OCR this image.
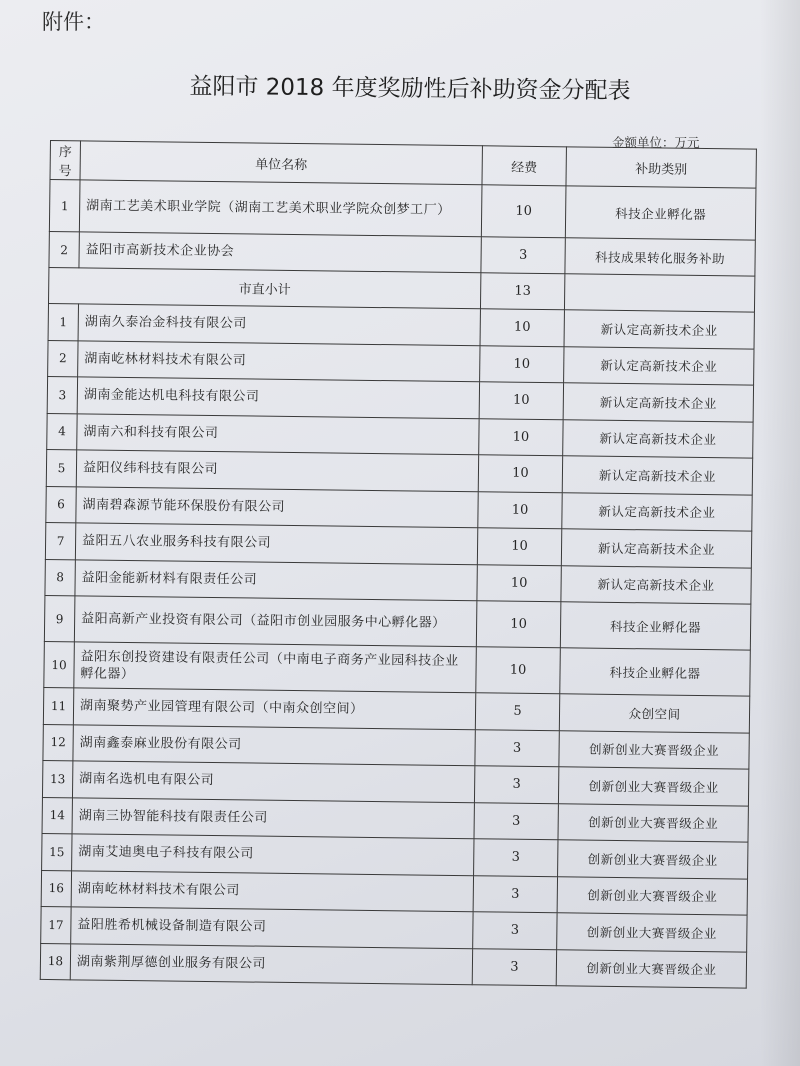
附件：
益阳市 2018 年度奖励性后补助资金分配表
金额单位：万元
序号	单位名称	经费	补助类别
1	湖南工艺美术职业学院（湖南工艺美术职业学院众创梦工厂）	10	科技企业孵化器
2	益阳市高新技术企业协会	3	科技成果转化服务补助
市直小计		13	
1	湖南久泰冶金科技有限公司	10	新认定高新技术企业
2	湖南屹林材料技术有限公司	10	新认定高新技术企业
3	湖南金能达机电科技有限公司	10	新认定高新技术企业
4	湖南六和科技有限公司	10	新认定高新技术企业
5	益阳仪纬科技有限公司	10	新认定高新技术企业
6	湖南碧森源节能环保股份有限公司	10	新认定高新技术企业
7	益阳五八农业服务科技有限公司	10	新认定高新技术企业
8	益阳金能新材料有限责任公司	10	新认定高新技术企业
9	益阳高新产业投资有限公司（益阳市创业园服务中心孵化器）	10	科技企业孵化器
10	益阳东创投资建设有限责任公司（中南电子商务产业园科技企业孵化器）	10	科技企业孵化器
11	湖南聚势产业园管理有限公司（中南众创空间）	5	众创空间
12	湖南鑫泰麻业股份有限公司	3	创新创业大赛晋级企业
13	湖南名选机电有限公司	3	创新创业大赛晋级企业
14	湖南三协智能科技有限责任公司	3	创新创业大赛晋级企业
15	湖南艾迪奥电子科技有限公司	3	创新创业大赛晋级企业
16	湖南屹林材料技术有限公司	3	创新创业大赛晋级企业
17	益阳胜希机械设备制造有限公司	3	创新创业大赛晋级企业
18	湖南紫荆厚德创业服务有限公司	3	创新创业大赛晋级企业
